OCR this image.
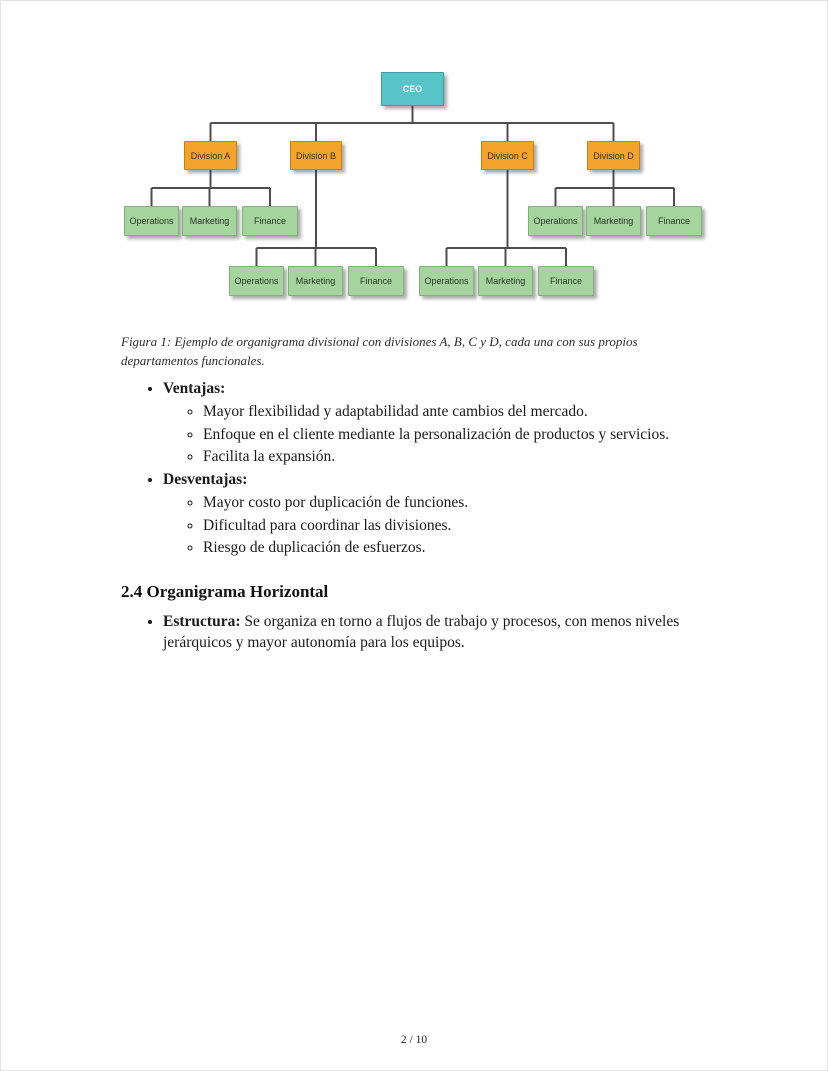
CEO
Division A	Division B	Division C	Division D
Operations	Marketing	Finance	Operations	Marketing	Finance
Operations	Marketing	Finance	Operations	Marketing	Finance

Figura 1: Ejemplo de organigrama divisional con divisiones A, B, C y D, cada una con sus propios departamentos funcionales.

• Ventajas:
◦ Mayor flexibilidad y adaptabilidad ante cambios del mercado.
◦ Enfoque en el cliente mediante la personalización de productos y servicios.
◦ Facilita la expansión.
• Desventajas:
◦ Mayor costo por duplicación de funciones.
◦ Dificultad para coordinar las divisiones.
◦ Riesgo de duplicación de esfuerzos.
2.4 Organigrama Horizontal
• Estructura: Se organiza en torno a flujos de trabajo y procesos, con menos niveles jerárquicos y mayor autonomía para los equipos.
2 / 10
